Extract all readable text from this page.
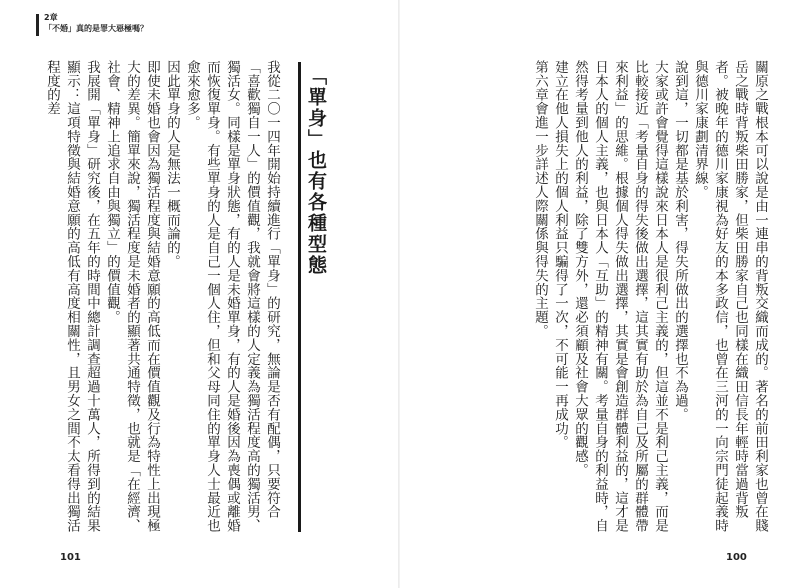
2章
「不婚」真的是罪大惡極嗎？

關原之戰根本可以說是由一連串的背叛交織而成的。著名的前田利家也曾在賤岳之戰時背叛柴田勝家，但柴田勝家自己也同樣在織田信長年輕時當過背叛者。被晚年的德川家康視為好友的本多政信，也曾在三河的一向宗門徒起義時與德川家康劃清界線。

說到這，一切都是基於利害，得失所做出的選擇也不為過。

大家或許會覺得這樣說來日本人是很利己主義的，但這並不是利己主義，而是比較接近「考量自身的得失後做出選擇，這其實有助於為自己及所屬的群體帶來利益」的思維。根據個人得失做出選擇，其實是會創造群體利益的，這才是日本人的個人主義，也與日本人「互助」的精神有關。考量自身的利益時，自然得考量到他人的利益，除了雙方外，還必須顧及社會大眾的觀感。

建立在他人損失上的個人利益只騙得了一次，不可能一再成功。

第六章會進一步詳述人際關係與得失的主題。

「單身」也有各種型態

我從二〇一四年開始持續進行「單身」的研究，無論是否有配偶，只要符合「喜歡獨自一人」的價值觀，我就會將這樣的人定義為獨活程度高的獨活男、獨活女。同樣是單身狀態，有的人是未婚單身，有的人是婚後因為喪偶或離婚而恢復單身。有些單身的人是自己一個人住，但和父母同住的單身人士最近也愈來愈多。

因此單身的人是無法一概而論的。

即使未婚也會因為獨活程度與結婚意願的高低而在價值觀及行為特性上出現極大的差異。簡單來說，獨活程度是未婚者的顯著共通特徵，也就是「在經濟、社會、精神上追求自由與獨立」的價值觀。

我展開「單身」研究後，在五年的時間中總計調查超過十萬人，所得到的結果顯示：這項特徵與結婚意願的高低有高度相關性，且男女之間不太看得出獨活程度的差

101	100
